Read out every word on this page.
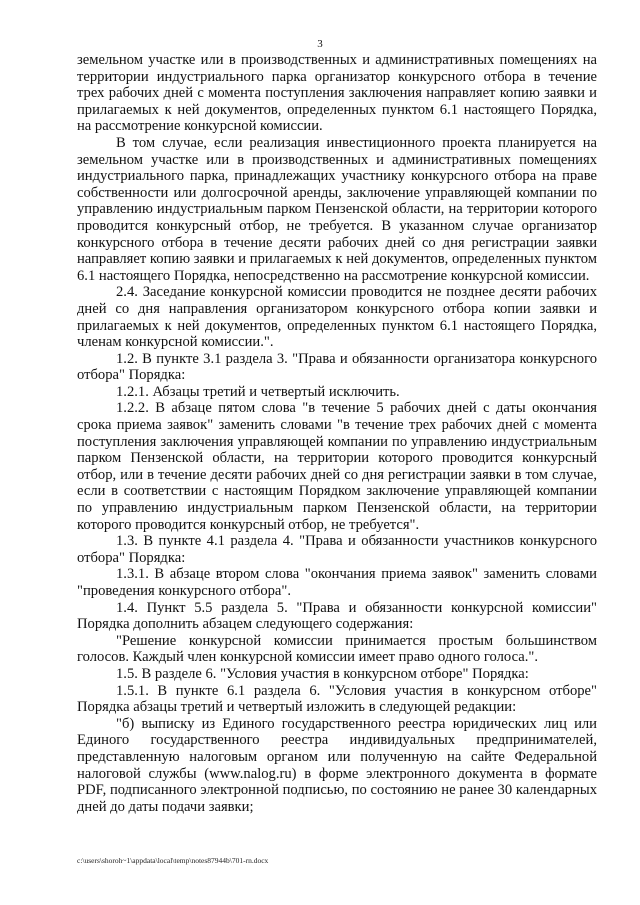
3

земельном участке или в производственных и административных помещениях на территории индустриального парка организатор конкурсного отбора в течение трех рабочих дней с момента поступления заключения направляет копию заявки и прилагаемых к ней документов, определенных пунктом 6.1 настоящего Порядка, на рассмотрение конкурсной комиссии.

В том случае, если реализация инвестиционного проекта планируется на земельном участке или в производственных и административных помещениях индустриального парка, принадлежащих участнику конкурсного отбора на праве собственности или долгосрочной аренды, заключение управляющей компании по управлению индустриальным парком Пензенской области, на территории которого проводится конкурсный отбор, не требуется. В указанном случае организатор конкурсного отбора в течение десяти рабочих дней со дня регистрации заявки направляет копию заявки и прилагаемых к ней документов, определенных пунктом 6.1 настоящего Порядка, непосредственно на рассмотрение конкурсной комиссии.

2.4. Заседание конкурсной комиссии проводится не позднее десяти рабочих дней со дня направления организатором конкурсного отбора копии заявки и прилагаемых к ней документов, определенных пунктом 6.1 настоящего Порядка, членам конкурсной комиссии.".

1.2. В пункте 3.1 раздела 3. "Права и обязанности организатора конкурсного отбора" Порядка:

1.2.1. Абзацы третий и четвертый исключить.

1.2.2. В абзаце пятом слова "в течение 5 рабочих дней с даты окончания срока приема заявок" заменить словами "в течение трех рабочих дней с момента поступления заключения управляющей компании по управлению индустриальным парком Пензенской области, на территории которого проводится конкурсный отбор, или в течение десяти рабочих дней со дня регистрации заявки в том случае, если в соответствии с настоящим Порядком заключение управляющей компании по управлению индустриальным парком Пензенской области, на территории которого проводится конкурсный отбор, не требуется".

1.3. В пункте 4.1 раздела 4. "Права и обязанности участников конкурсного отбора" Порядка:

1.3.1. В абзаце втором слова "окончания приема заявок" заменить словами "проведения конкурсного отбора".

1.4. Пункт 5.5 раздела 5. "Права и обязанности конкурсной комиссии" Порядка дополнить абзацем следующего содержания:

"Решение конкурсной комиссии принимается простым большинством голосов. Каждый член конкурсной комиссии имеет право одного голоса.".

1.5. В разделе 6. "Условия участия в конкурсном отборе" Порядка:

1.5.1. В пункте 6.1 раздела 6. "Условия участия в конкурсном отборе" Порядка абзацы третий и четвертый изложить в следующей редакции:

"б) выписку из Единого государственного реестра юридических лиц или Единого государственного реестра индивидуальных предпринимателей, представленную налоговым органом или полученную на сайте Федеральной налоговой службы (www.nalog.ru) в форме электронного документа в формате PDF, подписанного электронной подписью, по состоянию не ранее 30 календарных дней до даты подачи заявки;

c:\users\shoroh~1\appdata\local\temp\notes87944b\701-rn.docx
